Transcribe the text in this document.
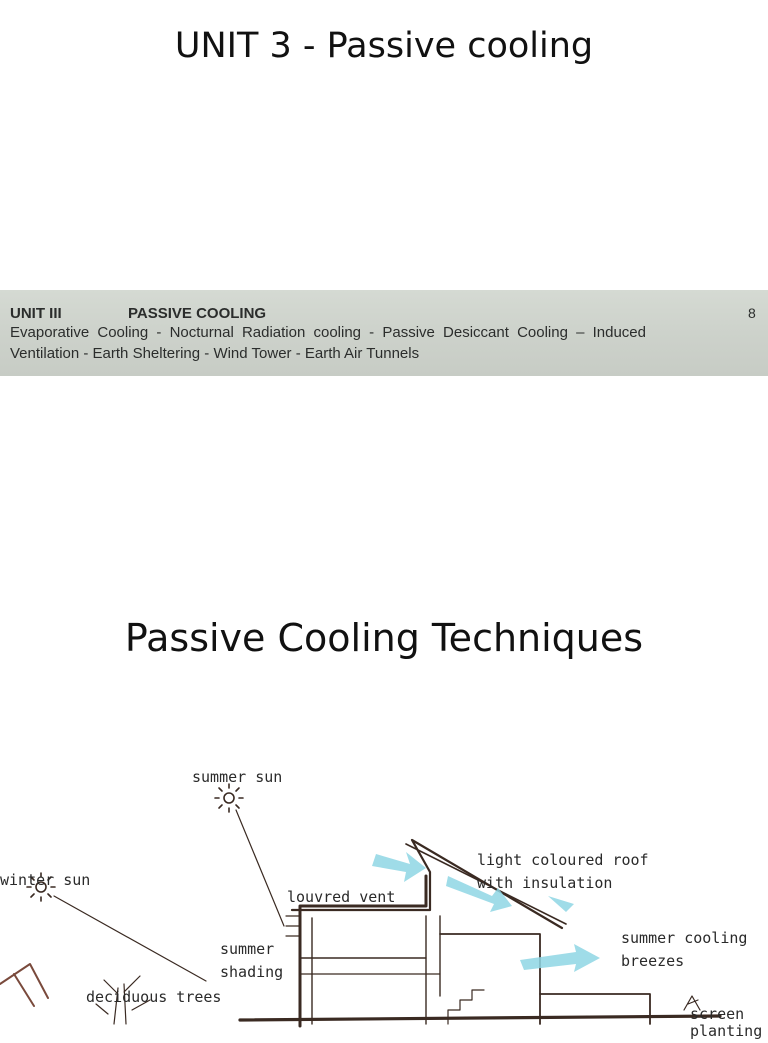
UNIT 3 - Passive cooling
UNIT III	PASSIVE COOLING	8
Evaporative Cooling - Nocturnal Radiation cooling - Passive Desiccant Cooling – Induced
Ventilation - Earth Sheltering - Wind Tower - Earth Air Tunnels
Passive Cooling Techniques
summer sun
winter sun
louvred vent
light coloured roof
with insulation
summer
shading
summer cooling
breezes
deciduous trees
screen
planting
